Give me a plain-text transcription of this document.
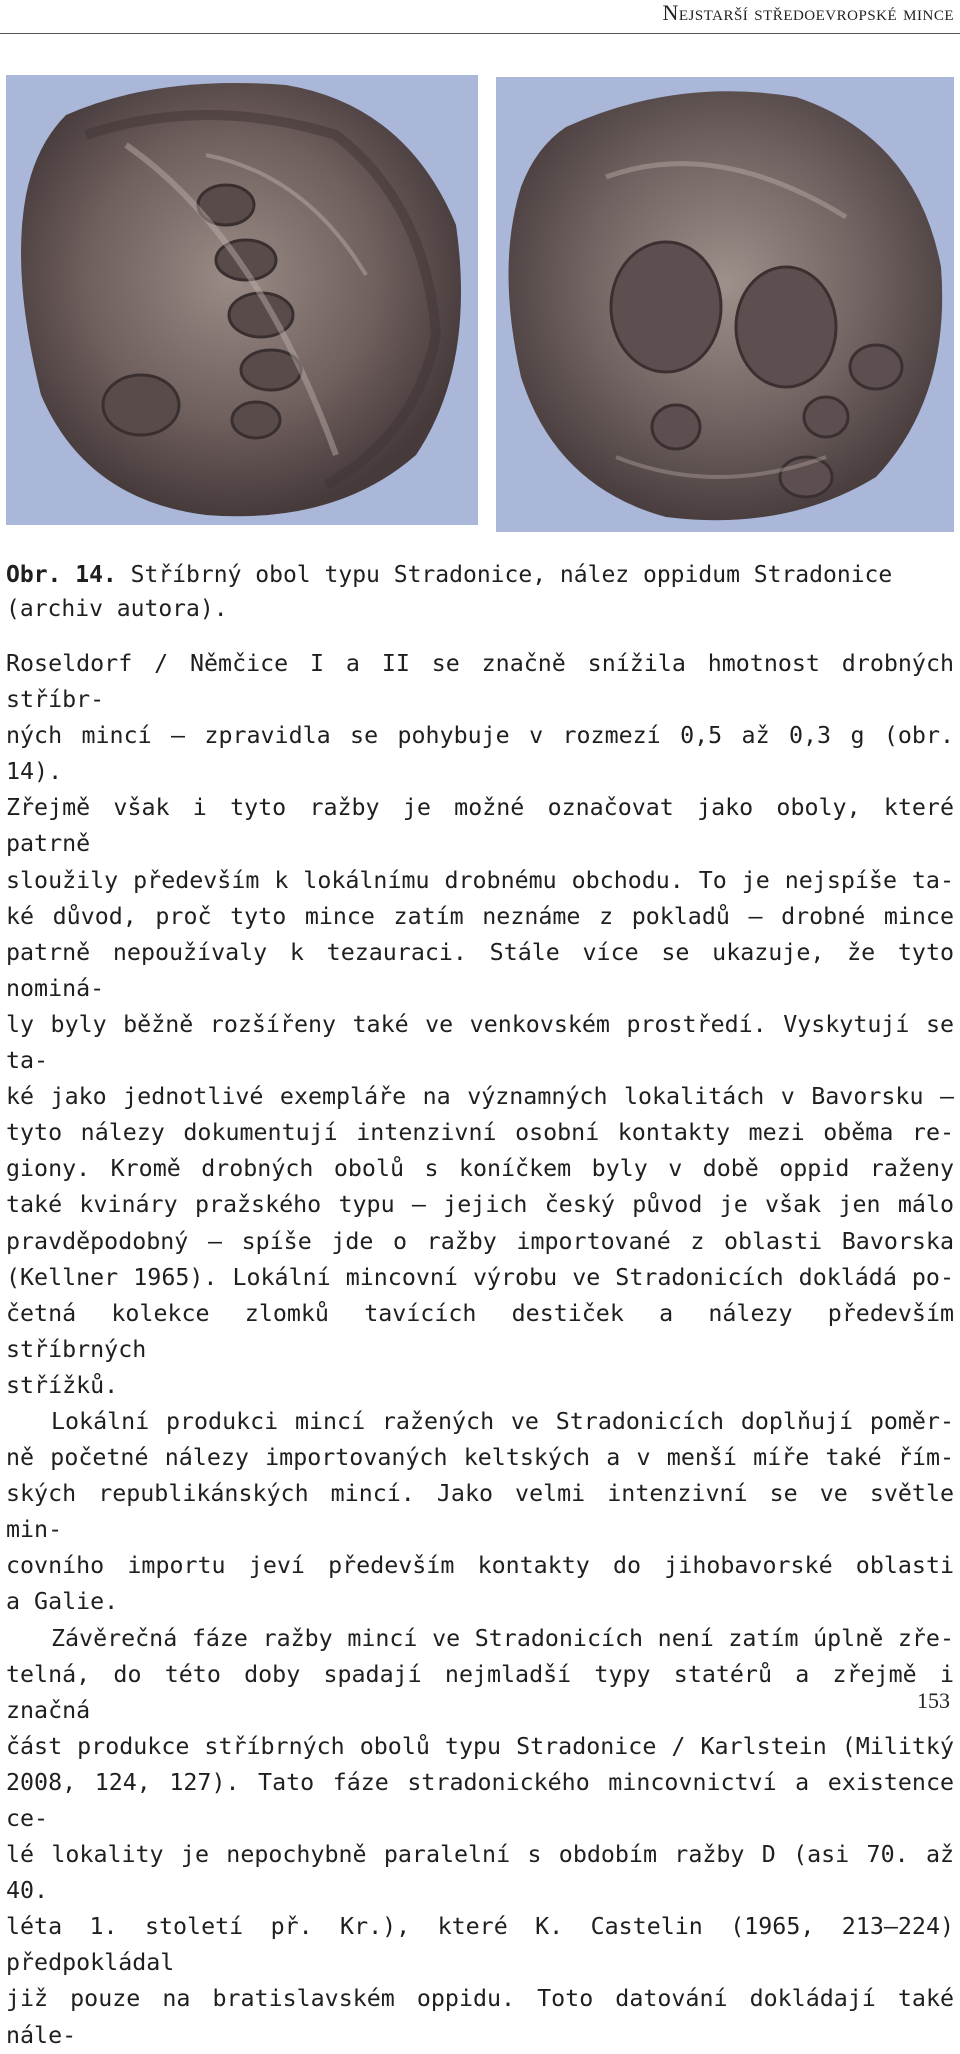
Nejstarší středoevropské mince
Obr. 14. Stříbrný obol typu Stradonice, nález oppidum Stradonice
(archiv autora).
Roseldorf / Němčice I a II se značně snížila hmotnost drobných stříbr-
ných mincí – zpravidla se pohybuje v rozmezí 0,5 až 0,3 g (obr. 14).
Zřejmě však i tyto ražby je možné označovat jako oboly, které patrně
sloužily především k lokálnímu drobnému obchodu. To je nejspíše ta-
ké důvod, proč tyto mince zatím neznáme z pokladů – drobné mince
patrně nepoužívaly k tezauraci. Stále více se ukazuje, že tyto nominá-
ly byly běžně rozšířeny také ve venkovském prostředí. Vyskytují se ta-
ké jako jednotlivé exempláře na významných lokalitách v Bavorsku –
tyto nálezy dokumentují intenzivní osobní kontakty mezi oběma re-
giony. Kromě drobných obolů s koníčkem byly v době oppid raženy
také kvináry pražského typu – jejich český původ je však jen málo
pravděpodobný – spíše jde o ražby importované z oblasti Bavorska
(Kellner 1965). Lokální mincovní výrobu ve Stradonicích dokládá po-
četná kolekce zlomků tavících destiček a nálezy především stříbrných
střížků.
Lokální produkci mincí ražených ve Stradonicích doplňují poměr-
ně početné nálezy importovaných keltských a v menší míře také řím-
ských republikánských mincí. Jako velmi intenzivní se ve světle min-
covního importu jeví především kontakty do jihobavorské oblasti
a Galie.
Závěrečná fáze ražby mincí ve Stradonicích není zatím úplně zře-
telná, do této doby spadají nejmladší typy statérů a zřejmě i značná
část produkce stříbrných obolů typu Stradonice / Karlstein (Militký
2008, 124, 127). Tato fáze stradonického mincovnictví a existence ce-
lé lokality je nepochybně paralelní s obdobím ražby D (asi 70. až 40.
léta 1. století př. Kr.), které K. Castelin (1965, 213–224) předpokládal
již pouze na bratislavském oppidu. Toto datování dokládají také nále-
153
